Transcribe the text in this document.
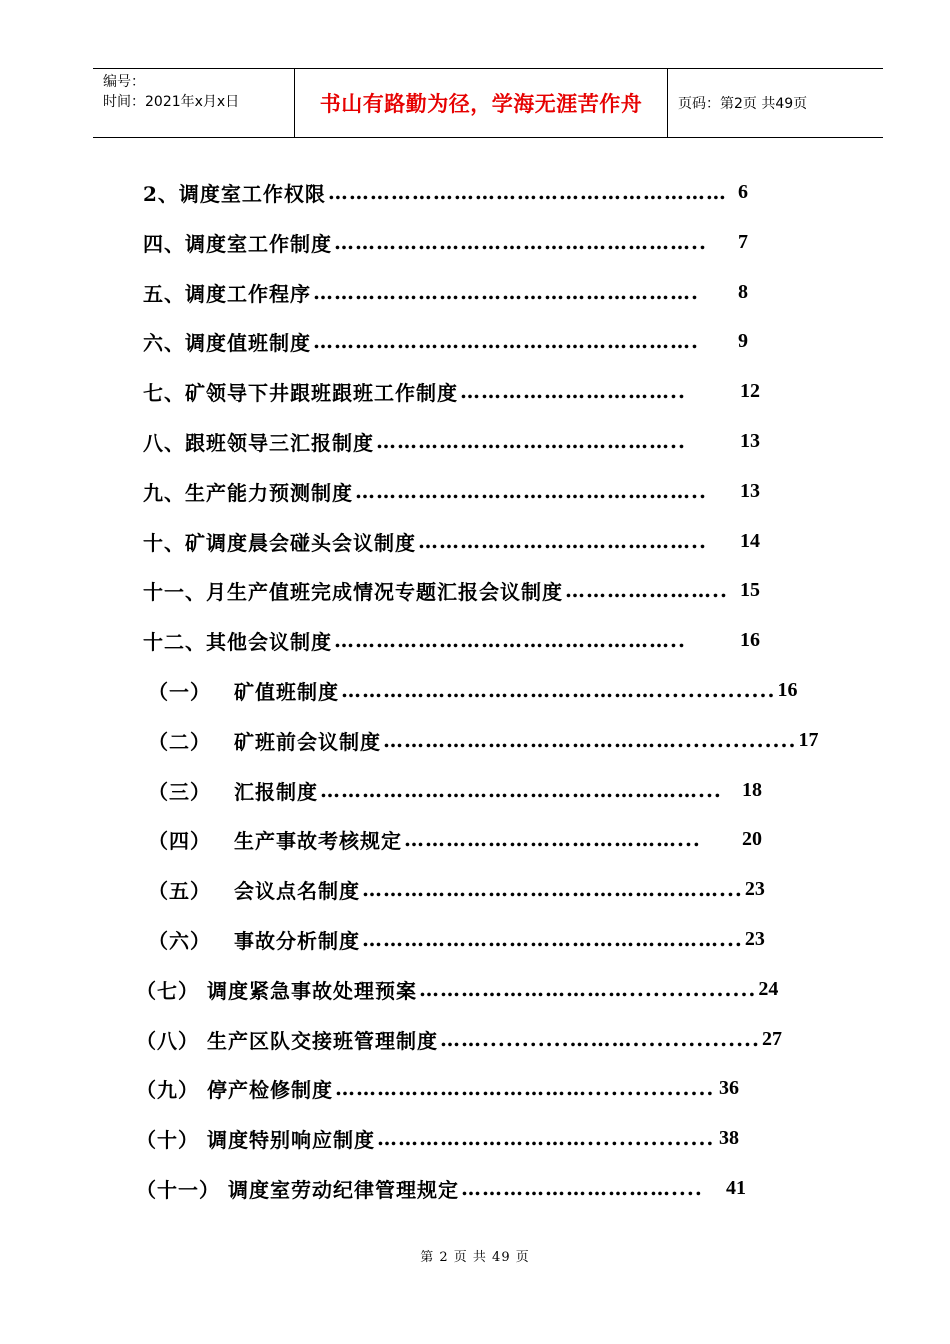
编号：
时间：2021年x月x日	书山有路勤为径，学海无涯苦作舟	页码：第2页 共49页
2、调度室工作权限 ………………………………………………… 6
四、调度室工作制度 ……………………………………………..	7
五、调度工作程序 ……………………………………………….	8
六、调度值班制度 ……………………………………………….	9
七、矿领导下井跟班跟班工作制度 …………………………..	12
八、跟班领导三汇报制度 ……………………………………..	13
九、生产能力预测制度 …………………………………………..	13
十、矿调度晨会碰头会议制度 …………………………………..	14
十一、月生产值班完成情况专题汇报会议制度 ………………….. 15
十二、其他会议制度 …………………………………………..	16
（一）	矿值班制度 ………………………………………............... 16
（二）	矿班前会议制度 ……………………………………............... 17
（三）	汇报制度 ………………………………………………...	18
（四）	生产事故考核规定 …………………………………...	20
（五）	会议点名制度 ……………………………………………... 23
（六）	事故分析制度 ……………………………………………... 23
（七） 调度紧急事故处理预案 …………………………................ 24
（八） 生产区队交接班管理制度 ……...........………................ 27
（九） 停产检修制度 ………………………………................ 36
（十） 调度特别响应制度 …………………………................ 38
（十一） 调度室劳动纪律管理规定 …………………………....	41
第 2 页 共 49 页
